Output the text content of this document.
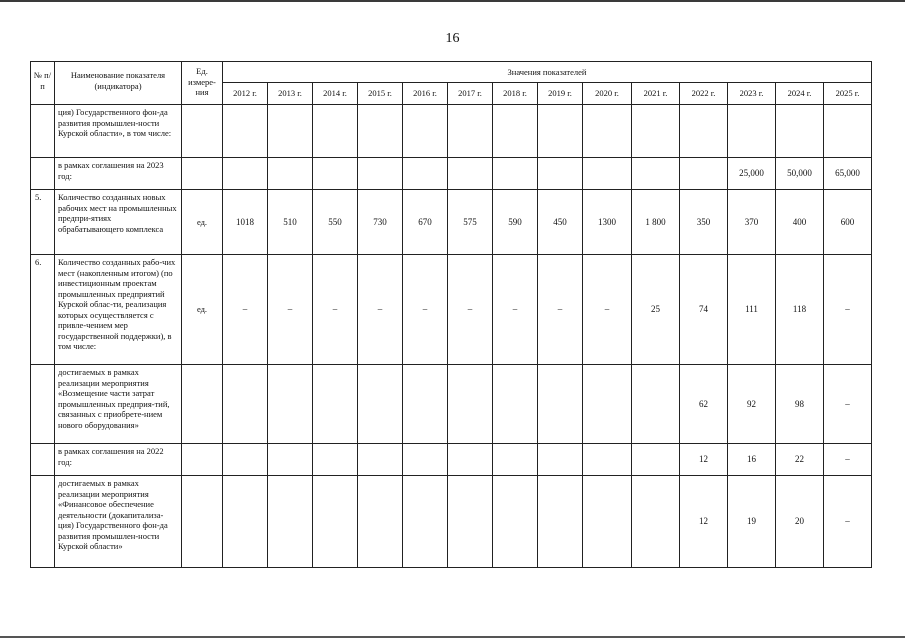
16
№ п/п	Наименование показателя (индикатора)	Ед. измере-ния	Значения показателей													
			2012 г.	2013 г.	2014 г.	2015 г.	2016 г.	2017 г.	2018 г.	2019 г.	2020 г.	2021 г.	2022 г.	2023 г.	2024 г.	2025 г.
	ция) Государственного фон-да развития промышлен-ности Курской области», в том числе:															
	в рамках соглашения на 2023 год:													25,000	50,000	65,000
5.	Количество созданных новых рабочих мест на промышленных предпри-ятиях обрабатывающего комплекса	ед.	1018	510	550	730	670	575	590	450	1300	1 800	350	370	400	600
6.	Количество созданных рабо-чих мест (накопленным итогом) (по инвестиционным проектам промышленных предприятий Курской облас-ти, реализация которых осуществляется с привле-чением мер государственной поддержки), в том числе:	ед.	–	–	–	–	–	–	–	–	–	25	74	111	118	–
	достигаемых в рамках реализации мероприятия «Возмещение части затрат промышленных предприя-тий, связанных с приобрете-нием нового оборудования»												62	92	98	–
	в рамках соглашения на 2022 год:												12	16	22	–
	достигаемых в рамках реализации мероприятия «Финансовое обеспечение деятельности (докапитализа-ция) Государственного фон-да развития промышлен-ности Курской области»												12	19	20	–
